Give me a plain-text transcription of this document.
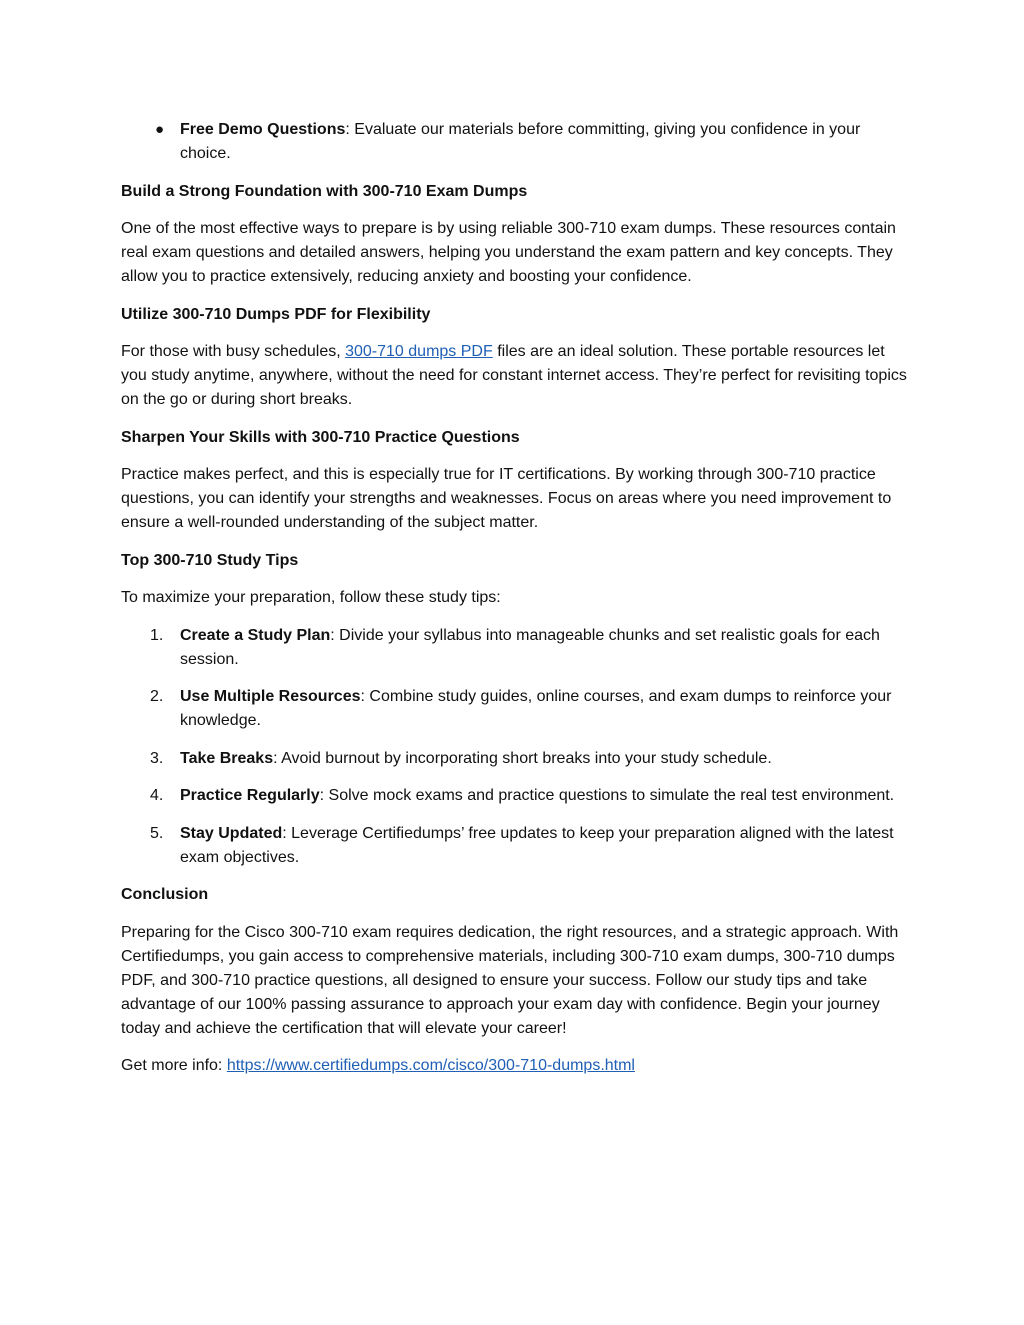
● Free Demo Questions: Evaluate our materials before committing, giving you confidence in your choice.

Build a Strong Foundation with 300-710 Exam Dumps

One of the most effective ways to prepare is by using reliable 300-710 exam dumps. These resources contain real exam questions and detailed answers, helping you understand the exam pattern and key concepts. They allow you to practice extensively, reducing anxiety and boosting your confidence.

Utilize 300-710 Dumps PDF for Flexibility

For those with busy schedules, 300-710 dumps PDF files are an ideal solution. These portable resources let you study anytime, anywhere, without the need for constant internet access. They’re perfect for revisiting topics on the go or during short breaks.

Sharpen Your Skills with 300-710 Practice Questions

Practice makes perfect, and this is especially true for IT certifications. By working through 300-710 practice questions, you can identify your strengths and weaknesses. Focus on areas where you need improvement to ensure a well-rounded understanding of the subject matter.

Top 300-710 Study Tips

To maximize your preparation, follow these study tips:

1. Create a Study Plan: Divide your syllabus into manageable chunks and set realistic goals for each session.
2. Use Multiple Resources: Combine study guides, online courses, and exam dumps to reinforce your knowledge.
3. Take Breaks: Avoid burnout by incorporating short breaks into your study schedule.
4. Practice Regularly: Solve mock exams and practice questions to simulate the real test environment.
5. Stay Updated: Leverage Certifiedumps’ free updates to keep your preparation aligned with the latest exam objectives.

Conclusion

Preparing for the Cisco 300-710 exam requires dedication, the right resources, and a strategic approach. With Certifiedumps, you gain access to comprehensive materials, including 300-710 exam dumps, 300-710 dumps PDF, and 300-710 practice questions, all designed to ensure your success. Follow our study tips and take advantage of our 100% passing assurance to approach your exam day with confidence. Begin your journey today and achieve the certification that will elevate your career!

Get more info: https://www.certifiedumps.com/cisco/300-710-dumps.html
